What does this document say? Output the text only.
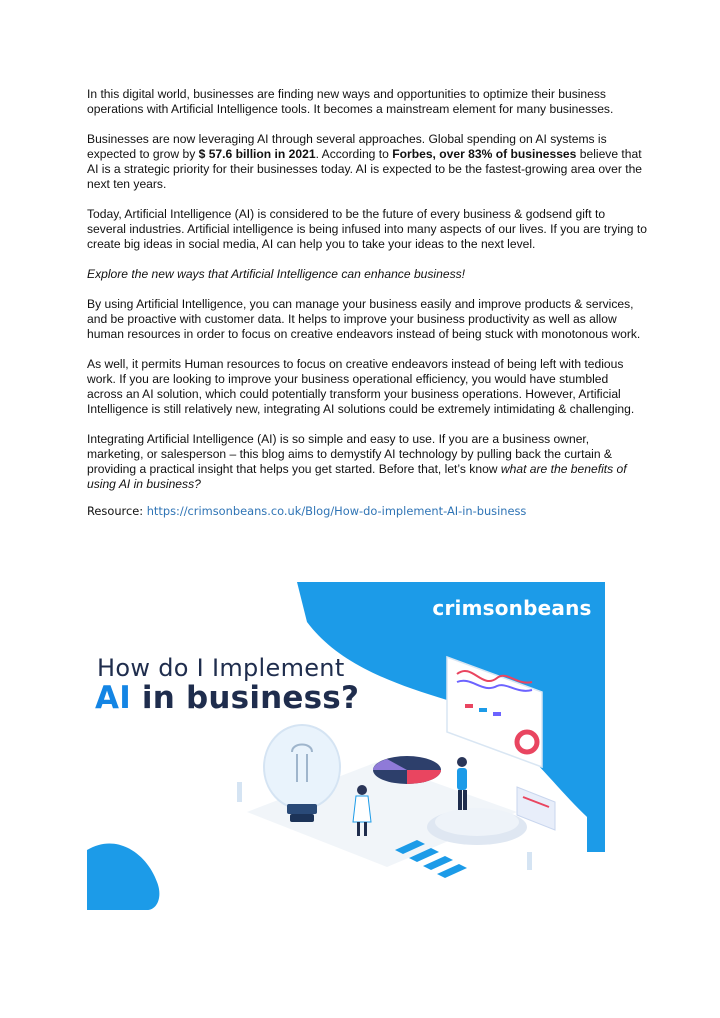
In this digital world, businesses are finding new ways and opportunities to optimize their business operations with Artificial Intelligence tools. It becomes a mainstream element for many businesses.

Businesses are now leveraging AI through several approaches. Global spending on AI systems is expected to grow by $ 57.6 billion in 2021. According to Forbes, over 83% of businesses believe that AI is a strategic priority for their businesses today. AI is expected to be the fastest-growing area over the next ten years.

Today, Artificial Intelligence (AI) is considered to be the future of every business & godsend gift to several industries. Artificial intelligence is being infused into many aspects of our lives. If you are trying to create big ideas in social media, AI can help you to take your ideas to the next level.

Explore the new ways that Artificial Intelligence can enhance business!

By using Artificial Intelligence, you can manage your business easily and improve products & services, and be proactive with customer data. It helps to improve your business productivity as well as allow human resources in order to focus on creative endeavors instead of being stuck with monotonous work.

As well, it permits Human resources to focus on creative endeavors instead of being left with tedious work. If you are looking to improve your business operational efficiency, you would have stumbled across an AI solution, which could potentially transform your business operations. However, Artificial Intelligence is still relatively new, integrating AI solutions could be extremely intimidating & challenging.

Integrating Artificial Intelligence (AI) is so simple and easy to use. If you are a business owner, marketing, or salesperson – this blog aims to demystify AI technology by pulling back the curtain & providing a practical insight that helps you get started. Before that, let’s know what are the benefits of using AI in business?

Resource: https://crimsonbeans.co.uk/Blog/How-do-implement-AI-in-business
crimsonbeans
How do I Implement
AI in business?
